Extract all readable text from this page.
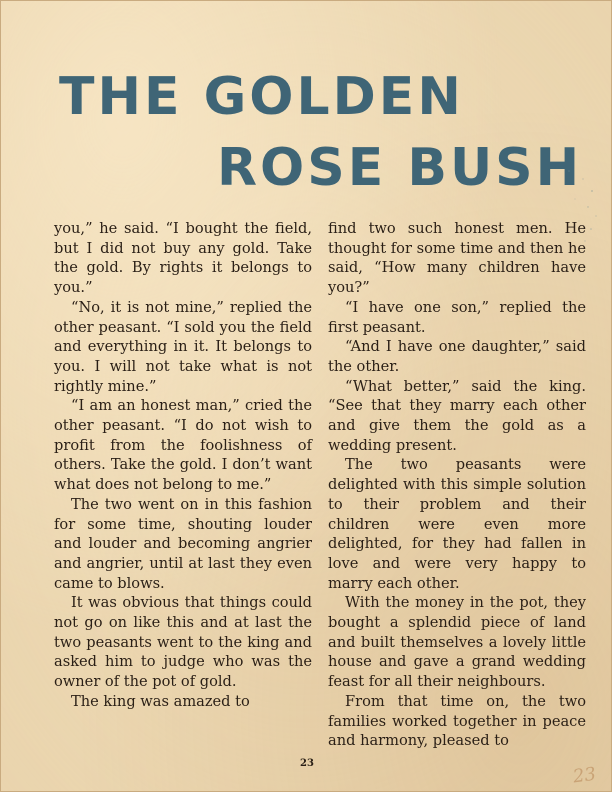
THE GOLDEN
ROSE BUSH

you,” he said. “I bought the field, but I did not buy any gold. Take the gold. By rights it belongs to you.”

“No, it is not mine,” replied the other peasant. “I sold you the field and everything in it. It belongs to you. I will not take what is not rightly mine.”

“I am an honest man,” cried the other peasant. “I do not wish to profit from the foolishness of others. Take the gold. I don’t want what does not belong to me.”

The two went on in this fashion for some time, shouting louder and louder and becoming angrier and angrier, until at last they even came to blows.

It was obvious that things could not go on like this and at last the two peasants went to the king and asked him to judge who was the owner of the pot of gold.

The king was amazed to

find two such honest men. He thought for some time and then he said, “How many children have you?”

“I have one son,” replied the first peasant.

“And I have one daughter,” said the other.

“What better,” said the king. “See that they marry each other and give them the gold as a wedding present.

The two peasants were delighted with this simple solution to their problem and their children were even more delighted, for they had fallen in love and were very happy to marry each other.

With the money in the pot, they bought a splendid piece of land and built themselves a lovely little house and gave a grand wedding feast for all their neighbours.

From that time on, the two families worked together in peace and harmony, pleased to

23
23
